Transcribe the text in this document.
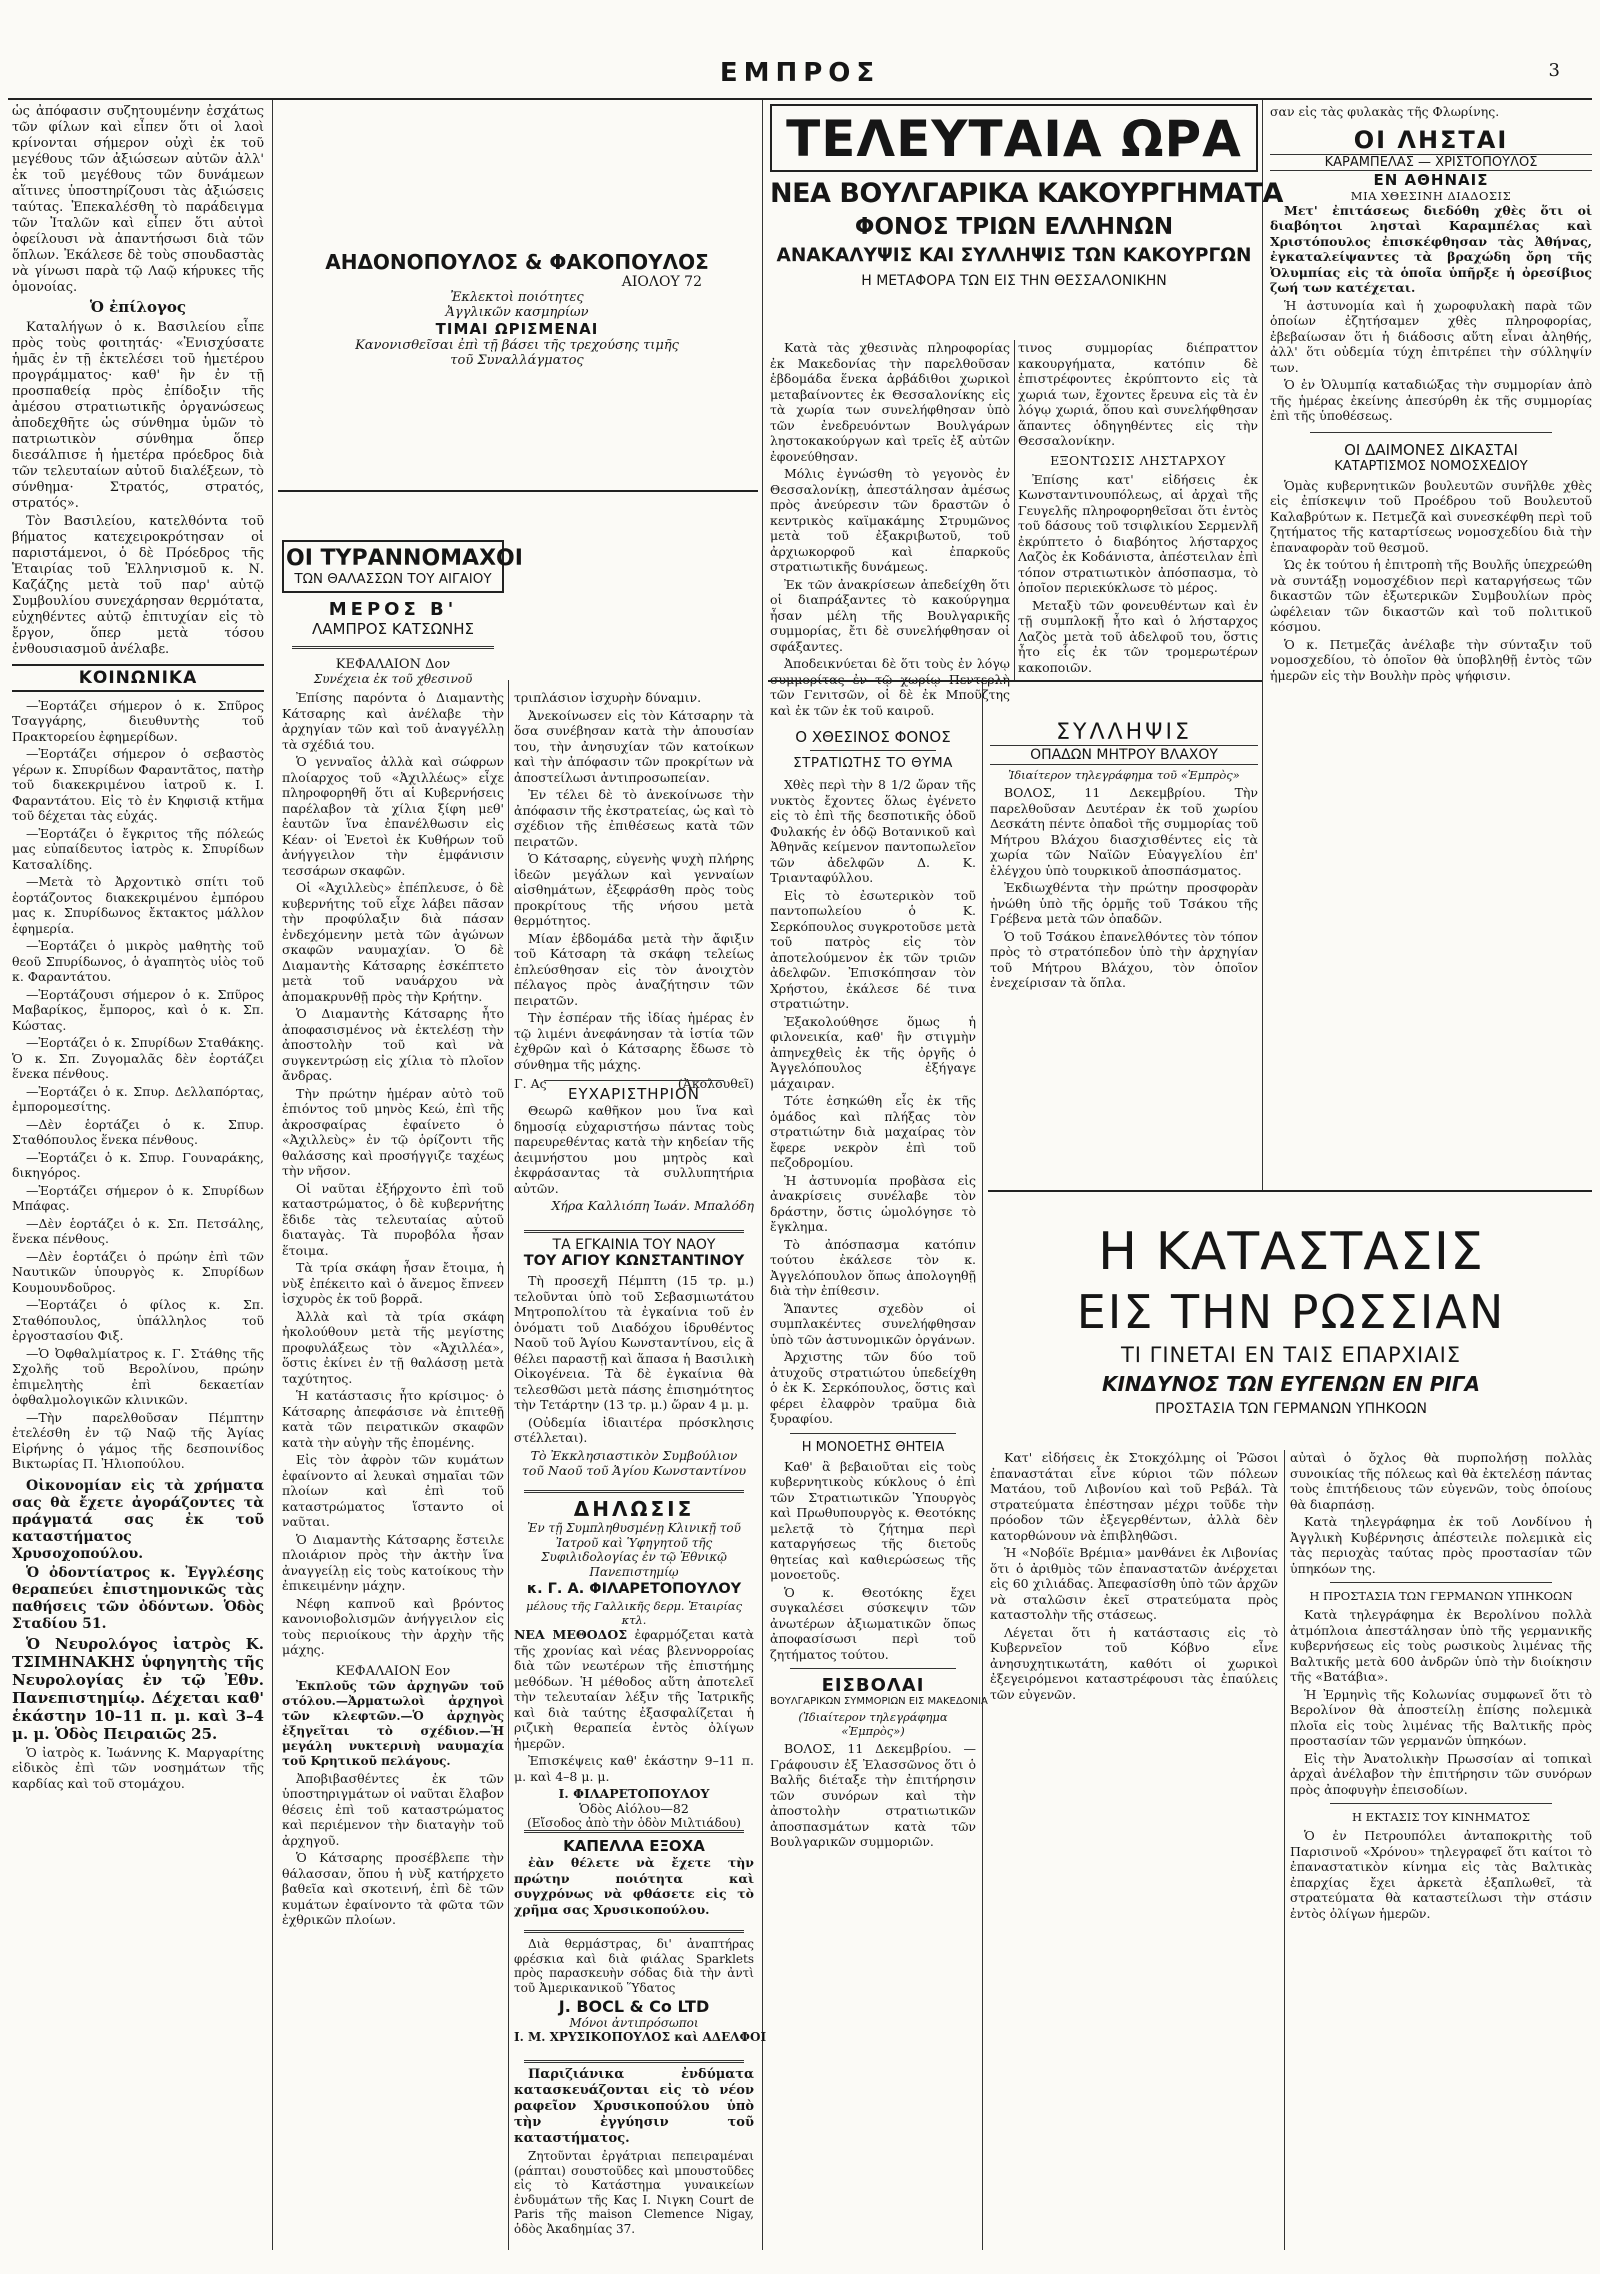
ΕΜΠΡΟΣ	3

ὡς ἀπόφασιν συζητουμένην ἐσχάτως τῶν φίλων καὶ εἶπεν ὅτι οἱ λαοὶ κρίνονται σήμερον οὐχὶ ἐκ τοῦ μεγέθους τῶν ἀξιώσεων αὐτῶν ἀλλ' ἐκ τοῦ μεγέθους τῶν δυνάμεων αἵτινες ὑποστηρίζουσι τὰς ἀξιώσεις ταύτας. Ἐπεκαλέσθη τὸ παράδειγμα τῶν Ἰταλῶν καὶ εἶπεν ὅτι αὐτοὶ ὀφείλουσι νὰ ἀπαντήσωσι διὰ τῶν ὅπλων. Ἐκάλεσε δὲ τοὺς σπουδαστὰς νὰ γίνωσι παρὰ τῷ Λαῷ κήρυκες τῆς ὁμονοίας.

Ὁ ἐπίλογος

Καταλήγων ὁ κ. Βασιλείου εἶπε πρὸς τοὺς φοιτητάς· «Ἐνισχύσατε ἡμᾶς ἐν τῇ ἐκτελέσει τοῦ ἡμετέρου προγράμματος· καθ' ἣν ἐν τῇ προσπαθείᾳ πρὸς ἐπίδοξιν τῆς ἀμέσου στρατιωτικῆς ὀργανώσεως ἀποδεχθῆτε ὡς σύνθημα ὑμῶν τὸ πατριωτικὸν σύνθημα ὅπερ διεσάλπισε ἡ ἡμετέρα πρόεδρος διὰ τῶν τελευταίων αὐτοῦ διαλέξεων, τὸ σύνθημα· Στρατός, στρατός, στρατός».

Τὸν Βασιλείου, κατελθόντα τοῦ βήματος κατεχειροκρότησαν οἱ παριστάμενοι, ὁ δὲ Πρόεδρος τῆς Ἑταιρίας τοῦ Ἑλληνισμοῦ κ. Ν. Καζάζης μετὰ τοῦ παρ' αὐτῷ Συμβουλίου συνεχάρησαν θερμότατα, εὐχηθέντες αὐτῷ ἐπιτυχίαν εἰς τὸ ἔργον, ὅπερ μετὰ τόσου ἐνθουσιασμοῦ ἀνέλαβε.

ΚΟΙΝΩΝΙΚΑ

—Ἑορτάζει σήμερον ὁ κ. Σπῦρος Τσαγγάρης, διευθυντὴς τοῦ Πρακτορείου ἐφημερίδων.

—Ἑορτάζει σήμερον ὁ σεβαστὸς γέρων κ. Σπυρίδων Φαραντᾶτος, πατὴρ τοῦ διακεκριμένου ἰατροῦ κ. Ι. Φαραντάτου. Εἰς τὸ ἐν Κηφισιᾷ κτῆμα τοῦ δέχεται τὰς εὐχάς.

—Ἑορτάζει ὁ ἔγκριτος τῆς πόλεώς μας εὐπαίδευτος ἰατρὸς κ. Σπυρίδων Κατσαλίδης.

—Μετὰ τὸ Ἀρχοντικὸ σπίτι τοῦ ἑορτάζοντος διακεκριμένου ἐμπόρου μας κ. Σπυρίδωνος ἔκτακτος μάλλον ἐφημερία.

—Ἑορτάζει ὁ μικρὸς μαθητὴς τοῦ θεοῦ Σπυρίδωνος, ὁ ἀγαπητὸς υἱὸς τοῦ κ. Φαραντάτου.

—Ἑορτάζουσι σήμερον ὁ κ. Σπῦρος Μαβαρίκος, ἔμπορος, καὶ ὁ κ. Σπ. Κώστας.

—Ἑορτάζει ὁ κ. Σπυρίδων Σταθάκης. Ὁ κ. Σπ. Ζυγομαλᾶς δὲν ἑορτάζει ἕνεκα πένθους.

—Ἑορτάζει ὁ κ. Σπυρ. Δελλαπόρτας, ἐμπορομεσίτης.

—Δὲν ἑορτάζει ὁ κ. Σπυρ. Σταθόπουλος ἕνεκα πένθους.

—Ἑορτάζει ὁ κ. Σπυρ. Γουναράκης, δικηγόρος.

—Ἑορτάζει σήμερον ὁ κ. Σπυρίδων Μπάφας.

—Δὲν ἑορτάζει ὁ κ. Σπ. Πετσάλης, ἕνεκα πένθους.

—Δὲν ἑορτάζει ὁ πρώην ἐπὶ τῶν Ναυτικῶν ὑπουργὸς κ. Σπυρίδων Κουμουνδοῦρος.

—Ἑορτάζει ὁ φίλος κ. Σπ. Σταθόπουλος, ὑπάλληλος τοῦ ἐργοστασίου Φιξ.

—Ὁ Ὀφθαλμίατρος κ. Γ. Στάθης τῆς Σχολῆς τοῦ Βερολίνου, πρώην ἐπιμελητὴς ἐπὶ δεκαετίαν ὀφθαλμολογικῶν κλινικῶν.

—Τὴν παρελθοῦσαν Πέμπτην ἐτελέσθη ἐν τῷ Ναῷ τῆς Ἁγίας Εἰρήνης ὁ γάμος τῆς δεσποινίδος Βικτωρίας Π. Ἠλιοπούλου.

Οἰκονομίαν εἰς τὰ χρήματα σας θὰ ἔχετε ἀγοράζοντες τὰ πράγματά σας ἐκ τοῦ καταστήματος Χρυσοχοπούλου.

Ὁ ὀδοντίατρος κ. Ἐγγλέσης θεραπεύει ἐπιστημονικῶς τὰς παθήσεις τῶν ὀδόντων. Ὁδὸς Σταδίου 51.

Ὁ Νευρολόγος ἰατρὸς Κ. ΤΣΙΜΗΝΑΚΗΣ ὑφηγητὴς τῆς Νευρολογίας ἐν τῷ Ἐθν. Πανεπιστημίῳ. Δέχεται καθ' ἑκάστην 10–11 π. μ. καὶ 3–4 μ. μ. Ὁδὸς Πειραιῶς 25.

Ὁ ἰατρὸς κ. Ἰωάννης Κ. Μαργαρίτης εἰδικὸς ἐπὶ τῶν νοσημάτων τῆς καρδίας καὶ τοῦ στομάχου.

ΑΗΔΟΝΟΠΟΥΛΟΣ & ΦΑΚΟΠΟΥΛΟΣ
ΑΙΟΛΟΥ 72
Ἐκλεκτοὶ ποιότητες
Ἀγγλικῶν κασμηρίων
ΤΙΜΑΙ ΩΡΙΣΜΕΝΑΙ
Κανονισθεῖσαι ἐπὶ τῇ βάσει τῆς τρεχούσης τιμῆς τοῦ Συναλλάγματος
ΟΙ ΤΥΡΑΝΝΟΜΑΧΟΙ
ΤΩΝ ΘΑΛΑΣΣΩΝ ΤΟΥ ΑΙΓΑΙΟΥ
ΜΕΡΟΣ Β'
ΛΑΜΠΡΟΣ ΚΑΤΣΩΝΗΣ
ΚΕΦΑΛΑΙΟΝ Δον
Συνέχεια ἐκ τοῦ χθεσινοῦ

Ἐπίσης παρόντα ὁ Διαμαντὴς Κάτσαρης καὶ ἀνέλαβε τὴν ἀρχηγίαν τῶν καὶ τοῦ ἀναγγέλλῃ τὰ σχέδιά του.

Ὁ γενναῖος ἀλλὰ καὶ σώφρων πλοίαρχος τοῦ «Ἀχιλλέως» εἶχε πληροφορηθῆ ὅτι αἱ Κυβερνήσεις παρέλαβον τὰ χίλια ξίφη μεθ' ἑαυτῶν ἵνα ἐπανέλθωσιν εἰς Κέαν· οἱ Ἐνετοὶ ἐκ Κυθήρων τοῦ ἀνήγγειλον τὴν ἐμφάνισιν τεσσάρων σκαφῶν.

Οἱ «Ἀχιλλεὺς» ἐπέπλευσε, ὁ δὲ κυβερνήτης τοῦ εἶχε λάβει πᾶσαν τὴν προφύλαξιν διὰ πάσαν ἐνδεχόμενην μετὰ τῶν ἀγώνων σκαφῶν ναυμαχίαν. Ὁ δὲ Διαμαντὴς Κάτσαρης ἐσκέπτετο μετὰ τοῦ ναυάρχου νὰ ἀπομακρυνθῇ πρὸς τὴν Κρήτην.

Ὁ Διαμαντὴς Κάτσαρης ἦτο ἀποφασισμένος νὰ ἐκτελέσῃ τὴν ἀποστολὴν τοῦ καὶ νὰ συγκεντρώσῃ εἰς χίλια τὸ πλοῖον ἄνδρας.

Τὴν πρώτην ἡμέραν αὐτὸ τοῦ ἐπιόντος τοῦ μηνὸς Κεώ, ἐπὶ τῆς ἀκροσφαίρας ἐφαίνετο ὁ «Ἀχιλλεὺς» ἐν τῷ ὁρίζοντι τῆς θαλάσσης καὶ προσήγγιζε ταχέως τὴν νῆσον.

Οἱ ναῦται ἐξήρχοντο ἐπὶ τοῦ καταστρώματος, ὁ δὲ κυβερνήτης ἔδιδε τὰς τελευταίας αὐτοῦ διαταγὰς. Τὰ πυροβόλα ἦσαν ἕτοιμα.

Τὰ τρία σκάφη ἦσαν ἔτοιμα, ἡ νὺξ ἐπέκειτο καὶ ὁ ἄνεμος ἔπνεεν ἰσχυρὸς ἐκ τοῦ βορρᾶ.

Ἀλλὰ καὶ τὰ τρία σκάφη ἠκολούθουν μετὰ τῆς μεγίστης προφυλάξεως τὸν «Ἀχιλλέα», ὅστις ἐκίνει ἐν τῇ θαλάσσῃ μετὰ ταχύτητος.

Ἡ κατάστασις ἦτο κρίσιμος· ὁ Κάτσαρης ἀπεφάσισε νὰ ἐπιτεθῇ κατὰ τῶν πειρατικῶν σκαφῶν κατὰ τὴν αὐγὴν τῆς ἐπομένης.

Εἰς τὸν ἀφρὸν τῶν κυμάτων ἐφαίνοντο αἱ λευκαὶ σημαῖαι τῶν πλοίων καὶ ἐπὶ τοῦ καταστρώματος ἵσταντο οἱ ναῦται.

Ὁ Διαμαντὴς Κάτσαρης ἔστειλε πλοιάριον πρὸς τὴν ἀκτὴν ἵνα ἀναγγείλῃ εἰς τοὺς κατοίκους τὴν ἐπικειμένην μάχην.

Νέφη καπνοῦ καὶ βρόντος κανονιοβολισμῶν ἀνήγγειλον εἰς τοὺς περιοίκους τὴν ἀρχὴν τῆς μάχης.

ΚΕΦΑΛΑΙΟΝ Εον

Ἐκπλοῦς τῶν ἀρχηγῶν τοῦ στόλου.—Ἀρματωλοὶ ἀρχηγοὶ τῶν κλεφτῶν.—Ὁ ἀρχηγὸς ἐξηγεῖται τὸ σχέδιον.—Ἡ μεγάλη νυκτερινὴ ναυμαχία τοῦ Κρητικοῦ πελάγους.

Ἀποβιβασθέντες ἐκ τῶν ὑποστηριγμάτων οἱ ναῦται ἔλαβον θέσεις ἐπὶ τοῦ καταστρώματος καὶ περιέμενον τὴν διαταγὴν τοῦ ἀρχηγοῦ.

Ὁ Κάτσαρης προσέβλεπε τὴν θάλασσαν, ὅπου ἡ νὺξ κατήρχετο βαθεῖα καὶ σκοτεινή, ἐπὶ δὲ τῶν κυμάτων ἐφαίνοντο τὰ φῶτα τῶν ἐχθρικῶν πλοίων.

τριπλάσιον ἰσχυρὴν δύναμιν.

Ἀνεκοίνωσεν εἰς τὸν Κάτσαρην τὰ ὅσα συνέβησαν κατὰ τὴν ἀπουσίαν του, τὴν ἀνησυχίαν τῶν κατοίκων καὶ τὴν ἀπόφασιν τῶν προκρίτων νὰ ἀποστείλωσι ἀντιπροσωπείαν.

Ἐν τέλει δὲ τὸ ἀνεκοίνωσε τὴν ἀπόφασιν τῆς ἐκστρατείας, ὡς καὶ τὸ σχέδιον τῆς ἐπιθέσεως κατὰ τῶν πειρατῶν.

Ὁ Κάτσαρης, εὐγενὴς ψυχὴ πλήρης ἰδεῶν μεγάλων καὶ γενναίων αἰσθημάτων, ἐξεφράσθη πρὸς τοὺς προκρίτους τῆς νήσου μετὰ θερμότητος.

Μίαν ἑβδομάδα μετὰ τὴν ἄφιξιν τοῦ Κάτσαρη τὰ σκάφη τελείως ἐπλεύσθησαν εἰς τὸν ἀνοιχτὸν πέλαγος πρὸς ἀναζήτησιν τῶν πειρατῶν.

Τὴν ἑσπέραν τῆς ἰδίας ἡμέρας ἐν τῷ λιμένι ἀνεφάνησαν τὰ ἱστία τῶν ἐχθρῶν καὶ ὁ Κάτσαρης ἔδωσε τὸ σύνθημα τῆς μάχης.

Γ. Ας	(Ἀκολουθεῖ)
ΕΥΧΑΡΙΣΤΗΡΙΟΝ

Θεωρῶ καθῆκον μου ἵνα καὶ δημοσίᾳ εὐχαριστήσω πάντας τοὺς παρευρεθέντας κατὰ τὴν κηδείαν τῆς ἀειμνήστου μου μητρὸς καὶ ἐκφράσαντας τὰ συλλυπητήρια αὐτῶν.

Χήρα Καλλιόπη Ἰωάν. Μπαλόδη
ΤΑ ΕΓΚΑΙΝΙΑ ΤΟΥ ΝΑΟΥ
ΤΟΥ ΑΓΙΟΥ ΚΩΝΣΤΑΝΤΙΝΟΥ

Τὴ προσεχῆ Πέμπτη (15 τρ. μ.) τελοῦνται ὑπὸ τοῦ Σεβασμιωτάτου Μητροπολίτου τὰ ἐγκαίνια τοῦ ἐν ὀνόματι τοῦ Διαδόχου ἱδρυθέντος Ναοῦ τοῦ Ἁγίου Κωνσταντίνου, εἰς ἃ θέλει παραστῇ καὶ ἅπασα ἡ Βασιλικὴ Οἰκογένεια. Τὰ δὲ ἐγκαίνια θὰ τελεσθῶσι μετὰ πάσης ἐπισημότητος τὴν Τετάρτην (13 τρ. μ.) ὥραν 4 μ. μ.

(Οὐδεμία ἰδιαιτέρα πρόσκλησις στέλλεται).

Τὸ Ἐκκλησιαστικὸν Συμβούλιον
τοῦ Ναοῦ τοῦ Ἁγίου Κωνσταντίνου
ΔΗΛΩΣΙΣ

Ἐν τῇ Συμπληθυσμένῃ Κλινικῇ τοῦ Ἰατροῦ καὶ Ὑφηγητοῦ τῆς Συφιλιδολογίας ἐν τῷ Ἐθνικῷ Πανεπιστημίῳ

κ. Γ. Α. ΦΙΛΑΡΕΤΟΠΟΥΛΟΥ
μέλους τῆς Γαλλικῆς δερμ. Ἑταιρίας κτλ.

ΝΕΑ ΜΕΘΟΔΟΣ ἐφαρμόζεται κατὰ τῆς χρονίας καὶ νέας βλεννορροίας διὰ τῶν νεωτέρων τῆς ἐπιστήμης μεθόδων. Ἡ μέθοδος αὕτη ἀποτελεῖ τὴν τελευταίαν λέξιν τῆς Ἰατρικῆς καὶ διὰ ταύτης ἐξασφαλίζεται ἡ ριζικὴ θεραπεία ἐντὸς ὀλίγων ἡμερῶν.

Ἐπισκέψεις καθ' ἑκάστην 9–11 π. μ. καὶ 4–8 μ. μ.

Ι. ΦΙΛΑΡΕΤΟΠΟΥΛΟΥ
Ὁδὸς Αἰόλου—82
(Εἴσοδος ἀπὸ τὴν ὁδὸν Μιλτιάδου)
ΚΑΠΕΛΛΑ ΕΞΟΧΑ

ἐὰν θέλετε νὰ ἔχετε τὴν πρώτην ποιότητα καὶ συγχρόνως νὰ φθάσετε εἰς τὸ χρῆμα σας Χρυσικοπούλου.

Διὰ θερμάστρας, δι' ἀναπτήρας φρέσκια καὶ διὰ φιάλας Sparklets πρὸς παρασκευὴν σόδας διὰ τὴν ἀντὶ τοῦ Ἀμερικανικοῦ Ὕδατος

J. BOCL & Co LTD
Μόνοι ἀντιπρόσωποι
Ι. Μ. ΧΡΥΣΙΚΟΠΟΥΛΟΣ καὶ ΑΔΕΛΦΟΙ

Παριζιάνικα ἐνδύματα κατασκευάζονται εἰς τὸ νέον ραφεῖον Χρυσικοπούλου ὑπὸ τὴν ἐγγύησιν τοῦ καταστήματος.

Ζητοῦνται ἐργάτριαι πεπειραμέναι (ράπται) σουστοῦδες καὶ μπουστοῦδες εἰς τὸ Κατάστημα γυναικείων ἐνδυμάτων τῆς Κας Ι. Νιγκη Court de Paris τῆς maison Clemence Nigay, ὁδὸς Ἀκαδημίας 37.

ΤΕΛΕΥΤΑΙΑ ΩΡΑ
ΝΕΑ ΒΟΥΛΓΑΡΙΚΑ ΚΑΚΟΥΡΓΗΜΑΤΑ
ΦΟΝΟΣ ΤΡΙΩΝ ΕΛΛΗΝΩΝ
ΑΝΑΚΑΛΥΨΙΣ ΚΑΙ ΣΥΛΛΗΨΙΣ ΤΩΝ ΚΑΚΟΥΡΓΩΝ
Η ΜΕΤΑΦΟΡΑ ΤΩΝ ΕΙΣ ΤΗΝ ΘΕΣΣΑΛΟΝΙΚΗΝ

Κατὰ τὰς χθεσινὰς πληροφορίας ἐκ Μακεδονίας τὴν παρελθοῦσαν ἑβδομάδα ἕνεκα ἀρβάδιθοι χωρικοὶ μεταβαίνοντες ἐκ Θεσσαλονίκης εἰς τὰ χωρία των συνελήφθησαν ὑπὸ τῶν ἐνεδρευόντων Βουλγάρων ληστοκακούργων καὶ τρεῖς ἐξ αὐτῶν ἐφονεύθησαν.

Μόλις ἐγνώσθη τὸ γεγονὸς ἐν Θεσσαλονίκῃ, ἀπεστάλησαν ἀμέσως πρὸς ἀνεύρεσιν τῶν δραστῶν ὁ κεντρικὸς καϊμακάμης Στρυμῶνος μετὰ τοῦ ἐξακριβωτοῦ, τοῦ ἀρχιωκορφοῦ καὶ ἐπαρκοῦς στρατιωτικῆς δυνάμεως.

Ἐκ τῶν ἀνακρίσεων ἀπεδείχθη ὅτι οἱ διαπράξαντες τὸ κακούργημα ἦσαν μέλη τῆς Βουλγαρικῆς συμμορίας, ἔτι δὲ συνελήφθησαν οἱ σφάξαντες.

Ἀποδεικνύεται δὲ ὅτι τοὺς ἐν λόγῳ συμμορίτας ἐν τῷ χωρίῳ Πεντερλὴ τῶν Γενιτσῶν, οἱ δὲ ἐκ Μποῦζτης καὶ ἐκ τῶν ἐκ τοῦ καιροῦ.

τινος συμμορίας διέπραττον κακουργήματα, κατόπιν δὲ ἐπιστρέφοντες ἐκρύπτοντο εἰς τὰ χωριά των, ἔχοντες ἔρευνα εἰς τὰ ἐν λόγῳ χωριά, ὅπου καὶ συνελήφθησαν ἅπαντες ὁδηγηθέντες εἰς τὴν Θεσσαλονίκην.

ΕΞΟΝΤΩΣΙΣ ΛΗΣΤΑΡΧΟΥ

Ἐπίσης κατ' εἰδήσεις ἐκ Κωνσταντινουπόλεως, αἱ ἀρχαὶ τῆς Γευγελῆς πληροφορηθεῖσαι ὅτι ἐντὸς τοῦ δάσους τοῦ τσιφλικίου Σερμενλῆ ἐκρύπτετο ὁ διαβόητος λήσταρχος Λαζὸς ἐκ Κοδάνιστα, ἀπέστειλαν ἐπὶ τόπον στρατιωτικὸν ἀπόσπασμα, τὸ ὁποῖον περιεκύκλωσε τὸ μέρος.

Μεταξὺ τῶν φονευθέντων καὶ ἐν τῇ συμπλοκῇ ἦτο καὶ ὁ λήσταρχος Λαζὸς μετὰ τοῦ ἀδελφοῦ του, ὅστις ἦτο εἷς ἐκ τῶν τρομερωτέρων κακοποιῶν.

Ο ΧΘΕΣΙΝΟΣ ΦΟΝΟΣ
ΣΤΡΑΤΙΩΤΗΣ ΤΟ ΘΥΜΑ

Χθὲς περὶ τὴν 8 1/2 ὥραν τῆς νυκτὸς ἔχοντες ὅλως ἐγένετο εἰς τὸ ἐπὶ τῆς δεσποτικῆς ὁδοῦ Φυλακής ἐν ὁδῷ Βοτανικοῦ καὶ Ἀθηνᾶς κείμενον παντοπωλεῖον τῶν ἀδελφῶν Δ. Κ. Τριανταφύλλου.

Εἰς τὸ ἐσωτερικὸν τοῦ παντοπωλείου ὁ Κ. Σερκόπουλος συγκροτοῦσε μετὰ τοῦ πατρὸς εἰς τὸν ἀποτελούμενον ἐκ τῶν τριῶν ἀδελφῶν. Ἐπισκόπησαν τὸν Χρήστου, ἐκάλεσε δέ τινα στρατιώτην.

Ἐξακολούθησε ὅμως ἡ φιλονεικία, καθ' ἣν στιγμὴν ἀπηνεχθεὶς ἐκ τῆς ὀργῆς ὁ Ἀγγελόπουλος ἐξήγαγε μάχαιραν.

Τότε ἐσηκώθη εἷς ἐκ τῆς ὁμάδος καὶ πλήξας τὸν στρατιώτην διὰ μαχαίρας τὸν ἔφερε νεκρὸν ἐπὶ τοῦ πεζοδρομίου.

Ἡ ἀστυνομία προβὰσα εἰς ἀνακρίσεις συνέλαβε τὸν δράστην, ὅστις ὡμολόγησε τὸ ἔγκλημα.

Τὸ ἀπόσπασμα κατόπιν τούτου ἐκάλεσε τὸν κ. Ἀγγελόπουλον ὅπως ἀπολογηθῇ διὰ τὴν ἐπίθεσιν.

Ἅπαντες σχεδὸν οἱ συμπλακέντες συνελήφθησαν ὑπὸ τῶν ἀστυνομικῶν ὀργάνων.

Ἀρχιστης τῶν δύο τοῦ ἀτυχοῦς στρατιώτου ὑπεδείχθη ὁ ἐκ Κ. Σερκόπουλος, ὅστις καὶ φέρει ἐλαφρὸν τραῦμα διὰ ξυραφίου.

Η ΜΟΝΟΕΤΗΣ ΘΗΤΕΙΑ

Καθ' ἃ βεβαιοῦται εἰς τοὺς κυβερνητικοὺς κύκλους ὁ ἐπὶ τῶν Στρατιωτικῶν Ὑπουργὸς καὶ Πρωθυπουργὸς κ. Θεοτόκης μελετᾷ τὸ ζήτημα περὶ καταργήσεως τῆς διετοῦς θητείας καὶ καθιερώσεως τῆς μονοετοῦς.

Ὁ κ. Θεοτόκης ἔχει συγκαλέσει σύσκεψιν τῶν ἀνωτέρων ἀξιωματικῶν ὅπως ἀποφασίσωσι περὶ τοῦ ζητήματος τούτου.

ΕΙΣΒΟΛΑΙ
ΒΟΥΛΓΑΡΙΚΩΝ ΣΥΜΜΟΡΙΩΝ ΕΙΣ ΜΑΚΕΔΟΝΙΑ
(Ἰδιαίτερον τηλεγράφημα «Ἐμπρὸς»)

ΒΟΛΟΣ, 11 Δεκεμβρίου. — Γράφουσιν ἐξ Ἐλασσῶνος ὅτι ὁ Βαλῆς διέταξε τὴν ἐπιτήρησιν τῶν συνόρων καὶ τὴν ἀποστολὴν στρατιωτικῶν ἀποσπασμάτων κατὰ τῶν Βουλγαρικῶν συμμοριῶν.

ΣΥΛΛΗΨΙΣ
ΟΠΑΔΩΝ ΜΗΤΡΟΥ ΒΛΑΧΟΥ
Ἰδιαίτερον τηλεγράφημα τοῦ «Ἐμπρὸς»

ΒΟΛΟΣ, 11 Δεκεμβρίου. Τὴν παρελθοῦσαν Δευτέραν ἐκ τοῦ χωρίου Δεσκάτη πέντε ὀπαδοὶ τῆς συμμορίας τοῦ Μήτρου Βλάχου διασχισθέντες εἰς τὰ χωρία τῶν Ναϊῶν Εὐαγγελίου ἐπ' ἐλέγχου ὑπὸ τουρκικοῦ ἀποσπάσματος.

Ἐκδιωχθέντα τὴν πρώτην προσφορὰν ἠνώθη ὑπὸ τῆς ὁρμῆς τοῦ Τσάκου τῆς Γρέβενα μετὰ τῶν ὀπαδῶν.

Ὁ τοῦ Τσάκου ἐπανελθόντες τὸν τόπον πρὸς τὸ στρατόπεδον ὑπὸ τὴν ἀρχηγίαν τοῦ Μήτρου Βλάχου, τὸν ὁποῖον ἐνεχείρισαν τὰ ὅπλα.

σαν εἰς τὰς φυλακὰς τῆς Φλωρίνης.

ΟΙ ΛΗΣΤΑΙ
ΚΑΡΑΜΠΕΛΑΣ — ΧΡΙΣΤΟΠΟΥΛΟΣ
ΕΝ ΑΘΗΝΑΙΣ
ΜΙΑ ΧΘΕΣΙΝΗ ΔΙΑΔΟΣΙΣ

Μετ' ἐπιτάσεως διεδόθη χθὲς ὅτι οἱ διαβόητοι λησταὶ Καραμπέλας καὶ Χριστόπουλος ἐπισκέφθησαν τὰς Ἀθήνας, ἐγκαταλείψαντες τὰ βραχώδη ὄρη τῆς Ὀλυμπίας εἰς τὰ ὁποῖα ὑπῆρξε ἡ ὀρεσίβιος ζωή των κατέχεται.

Ἡ ἀστυνομία καὶ ἡ χωροφυλακὴ παρὰ τῶν ὁποίων ἐζητήσαμεν χθὲς πληροφορίας, ἐβεβαίωσαν ὅτι ἡ διάδοσις αὕτη εἶναι ἀληθής, ἀλλ' ὅτι οὐδεμία τύχη ἐπιτρέπει τὴν σύλληψίν των.

Ὁ ἐν Ὀλυμπίᾳ καταδιώξας τὴν συμμορίαν ἀπὸ τῆς ἡμέρας ἐκείνης ἀπεσύρθη ἐκ τῆς συμμορίας ἐπὶ τῆς ὑποθέσεως.

ΟΙ ΔΑΙΜΟΝΕΣ ΔΙΚΑΣΤΑΙ
ΚΑΤΑΡΤΙΣΜΟΣ ΝΟΜΟΣΧΕΔΙΟΥ

Ὁμὰς κυβερνητικῶν βουλευτῶν συνῆλθε χθὲς εἰς ἐπίσκεψιν τοῦ Προέδρου τοῦ Βουλευτοῦ Καλαβρύτων κ. Πετμεζᾶ καὶ συνεσκέφθη περὶ τοῦ ζητήματος τῆς καταρτίσεως νομοσχεδίου διὰ τὴν ἐπαναφορὰν τοῦ θεσμοῦ.

Ὡς ἐκ τούτου ἡ ἐπιτροπὴ τῆς Βουλῆς ὑπεχρεώθη νὰ συντάξῃ νομοσχέδιον περὶ καταργήσεως τῶν δικαστῶν τῶν ἐξωτερικῶν Συμβουλίων πρὸς ὠφέλειαν τῶν δικαστῶν καὶ τοῦ πολιτικοῦ κόσμου.

Ὁ κ. Πετμεζᾶς ἀνέλαβε τὴν σύνταξιν τοῦ νομοσχεδίου, τὸ ὁποῖον θὰ ὑποβληθῇ ἐντὸς τῶν ἡμερῶν εἰς τὴν Βουλὴν πρὸς ψήφισιν.

Η ΚΑΤΑΣΤΑΣΙΣ
ΕΙΣ ΤΗΝ ΡΩΣΣΙΑΝ
ΤΙ ΓΙΝΕΤΑΙ ΕΝ ΤΑΙΣ ΕΠΑΡΧΙΑΙΣ
ΚΙΝΔΥΝΟΣ ΤΩΝ ΕΥΓΕΝΩΝ ΕΝ ΡΙΓΑ
ΠΡΟΣΤΑΣΙΑ ΤΩΝ ΓΕΡΜΑΝΩΝ ΥΠΗΚΟΩΝ

Κατ' εἰδήσεις ἐκ Στοκχόλμης οἱ Ῥῶσοι ἐπαναστάται εἶνε κύριοι τῶν πόλεων Ματάου, τοῦ Λιβονίου καὶ τοῦ Ρεβάλ. Τὰ στρατεύματα ἐπέστησαν μέχρι τοῦδε τὴν πρόοδον τῶν ἐξεγερθέντων, ἀλλὰ δὲν κατορθώνουν νὰ ἐπιβληθῶσι.

Ἡ «Νοβόϊε Βρέμια» μανθάνει ἐκ Λιβονίας ὅτι ὁ ἀριθμὸς τῶν ἐπαναστατῶν ἀνέρχεται εἰς 60 χιλιάδας. Ἀπεφασίσθη ὑπὸ τῶν ἀρχῶν νὰ σταλῶσιν ἐκεῖ στρατεύματα πρὸς καταστολὴν τῆς στάσεως.

Λέγεται ὅτι ἡ κατάστασις εἰς τὸ Κυβερνεῖον τοῦ Κόβνο εἶνε ἀνησυχητικωτάτη, καθότι οἱ χωρικοὶ ἐξεγειρόμενοι καταστρέφουσι τὰς ἐπαύλεις τῶν εὐγενῶν.

αὐταὶ ὁ ὄχλος θὰ πυρπολήσῃ πολλὰς συνοικίας τῆς πόλεως καὶ θὰ ἐκτελέσῃ πάντας τοὺς ἐπιτήδειους τῶν εὐγενῶν, τοὺς ὁποίους θὰ διαρπάσῃ.

Κατὰ τηλεγράφημα ἐκ τοῦ Λονδίνου ἡ Ἀγγλικὴ Κυβέρνησις ἀπέστειλε πολεμικὰ εἰς τὰς περιοχὰς ταύτας πρὸς προστασίαν τῶν ὑπηκόων της.

Η ΠΡΟΣΤΑΣΙΑ ΤΩΝ ΓΕΡΜΑΝΩΝ ΥΠΗΚΟΩΝ

Κατὰ τηλεγράφημα ἐκ Βερολίνου πολλὰ ἀτμόπλοια ἀπεστάλησαν ὑπὸ τῆς γερμανικῆς κυβερνήσεως εἰς τοὺς ρωσικοὺς λιμένας τῆς Βαλτικῆς μετὰ 600 ἀνδρῶν ὑπὸ τὴν διοίκησιν τῆς «Βατάβια».

Ἡ Ἐρμηνὶς τῆς Κολωνίας συμφωνεῖ ὅτι τὸ Βερολίνον θὰ ἀποστείλῃ ἐπίσης πολεμικὰ πλοῖα εἰς τοὺς λιμένας τῆς Βαλτικῆς πρὸς προστασίαν τῶν γερμανῶν ὑπηκόων.

Εἰς τὴν Ἀνατολικὴν Πρωσσίαν αἱ τοπικαὶ ἀρχαὶ ἀνέλαβον τὴν ἐπιτήρησιν τῶν συνόρων πρὸς ἀποφυγὴν ἐπεισοδίων.

Η ΕΚΤΑΣΙΣ ΤΟΥ ΚΙΝΗΜΑΤΟΣ

Ὁ ἐν Πετρουπόλει ἀνταποκριτὴς τοῦ Παρισινοῦ «Χρόνου» τηλεγραφεῖ ὅτι καίτοι τὸ ἐπαναστατικὸν κίνημα εἰς τὰς Βαλτικὰς ἐπαρχίας ἔχει ἀρκετὰ ἐξαπλωθεῖ, τὰ στρατεύματα θὰ καταστείλωσι τὴν στάσιν ἐντὸς ὀλίγων ἡμερῶν.
